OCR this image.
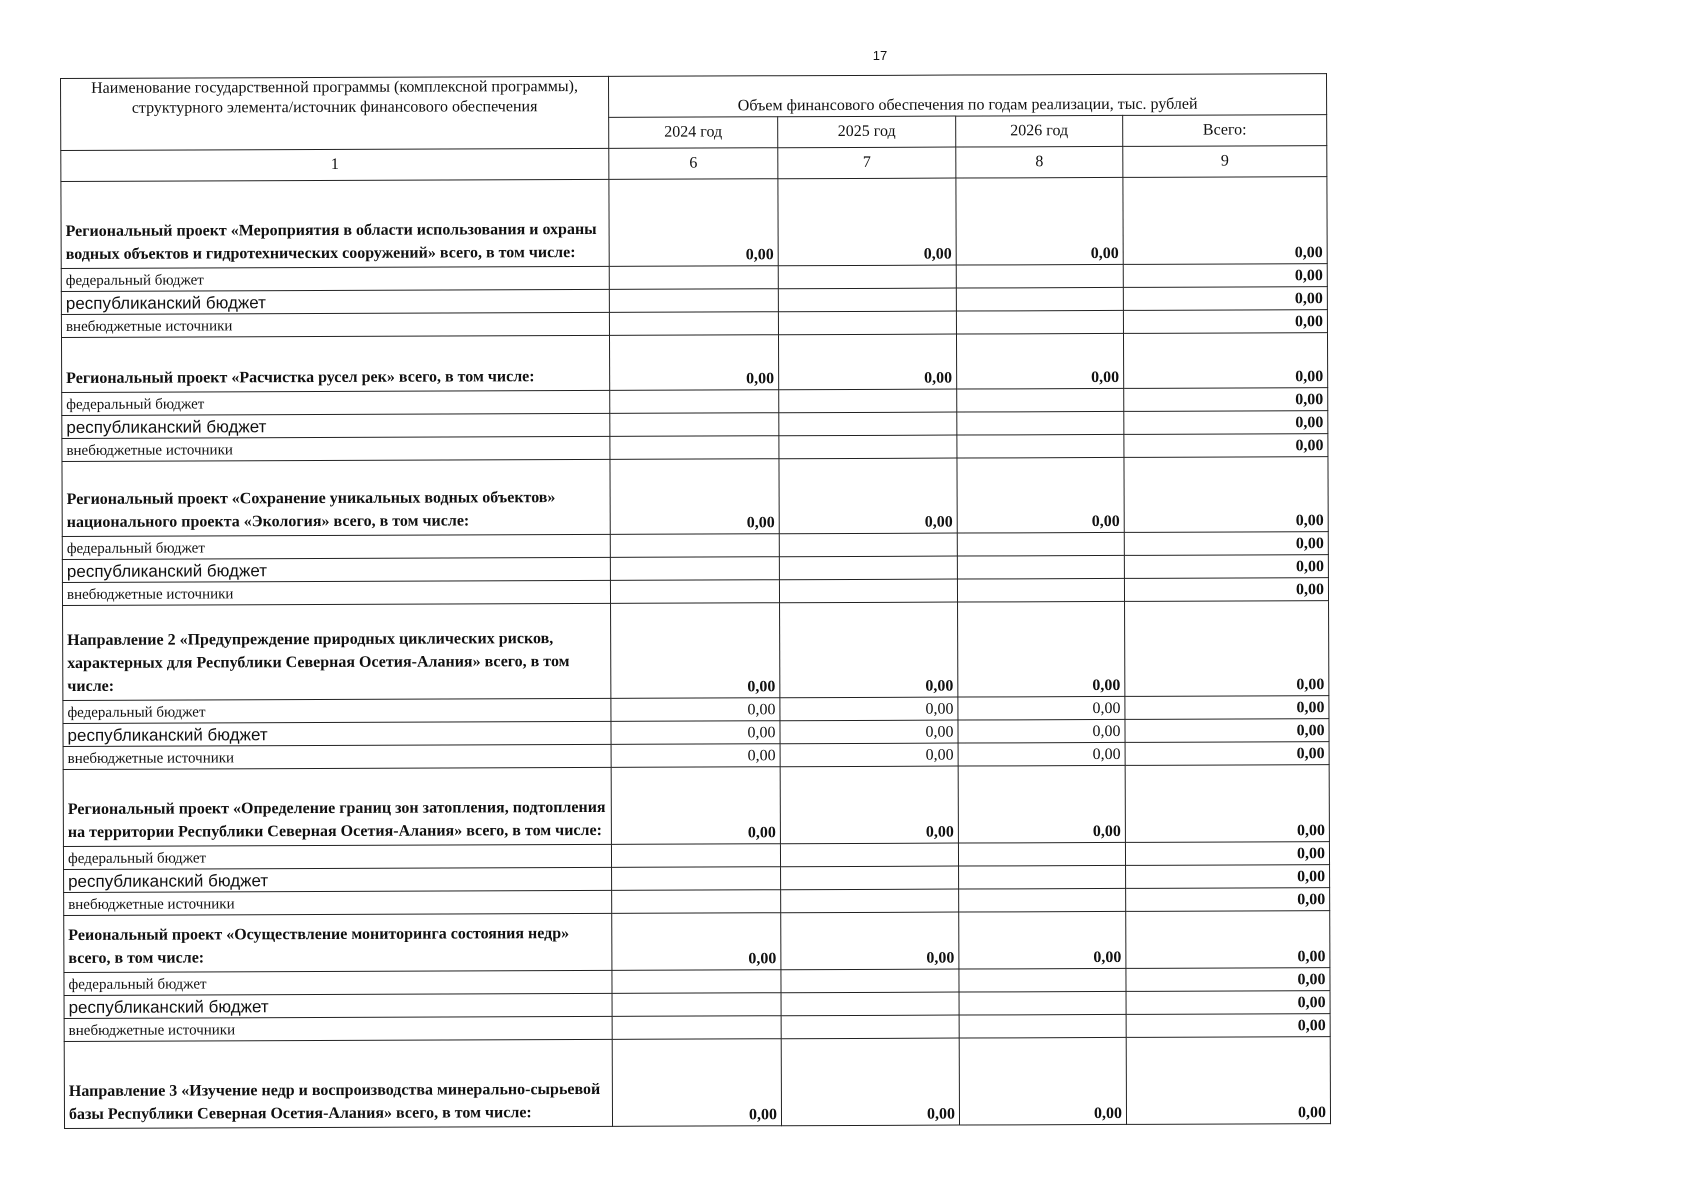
17
Наименование государственной программы (комплексной программы), структурного элемента/источник финансового обеспечения	Объем финансового обеспечения по годам реализации, тыс. рублей			
	2024 год	2025 год	2026 год	Всего:
1	6	7	8	9
Региональный проект «Мероприятия в области использования и охраны водных объектов и гидротехнических сооружений» всего, в том числе:	0,00	0,00	0,00	0,00
федеральный бюджет				0,00
республиканский бюджет				0,00
внебюджетные источники				0,00
Региональный проект «Расчистка русел рек» всего, в том числе:	0,00	0,00	0,00	0,00
федеральный бюджет				0,00
республиканский бюджет				0,00
внебюджетные источники				0,00
Региональный проект «Сохранение уникальных водных объектов» национального проекта «Экология» всего, в том числе:	0,00	0,00	0,00	0,00
федеральный бюджет				0,00
республиканский бюджет				0,00
внебюджетные источники				0,00
Направление 2 «Предупреждение природных циклических рисков, характерных для Республики Северная Осетия-Алания» всего, в том числе:	0,00	0,00	0,00	0,00
федеральный бюджет	0,00	0,00	0,00	0,00
республиканский бюджет	0,00	0,00	0,00	0,00
внебюджетные источники	0,00	0,00	0,00	0,00
Региональный проект «Определение границ зон затопления, подтопления на территории Республики Северная Осетия-Алания» всего, в том числе:	0,00	0,00	0,00	0,00
федеральный бюджет				0,00
республиканский бюджет				0,00
внебюджетные источники				0,00
Реиональный проект «Осуществление мониторинга состояния недр» всего, в том числе:	0,00	0,00	0,00	0,00
федеральный бюджет				0,00
республиканский бюджет				0,00
внебюджетные источники				0,00
Направление 3 «Изучение недр и воспроизводства минерально-сырьевой базы Республики Северная Осетия-Алания» всего, в том числе:	0,00	0,00	0,00	0,00
